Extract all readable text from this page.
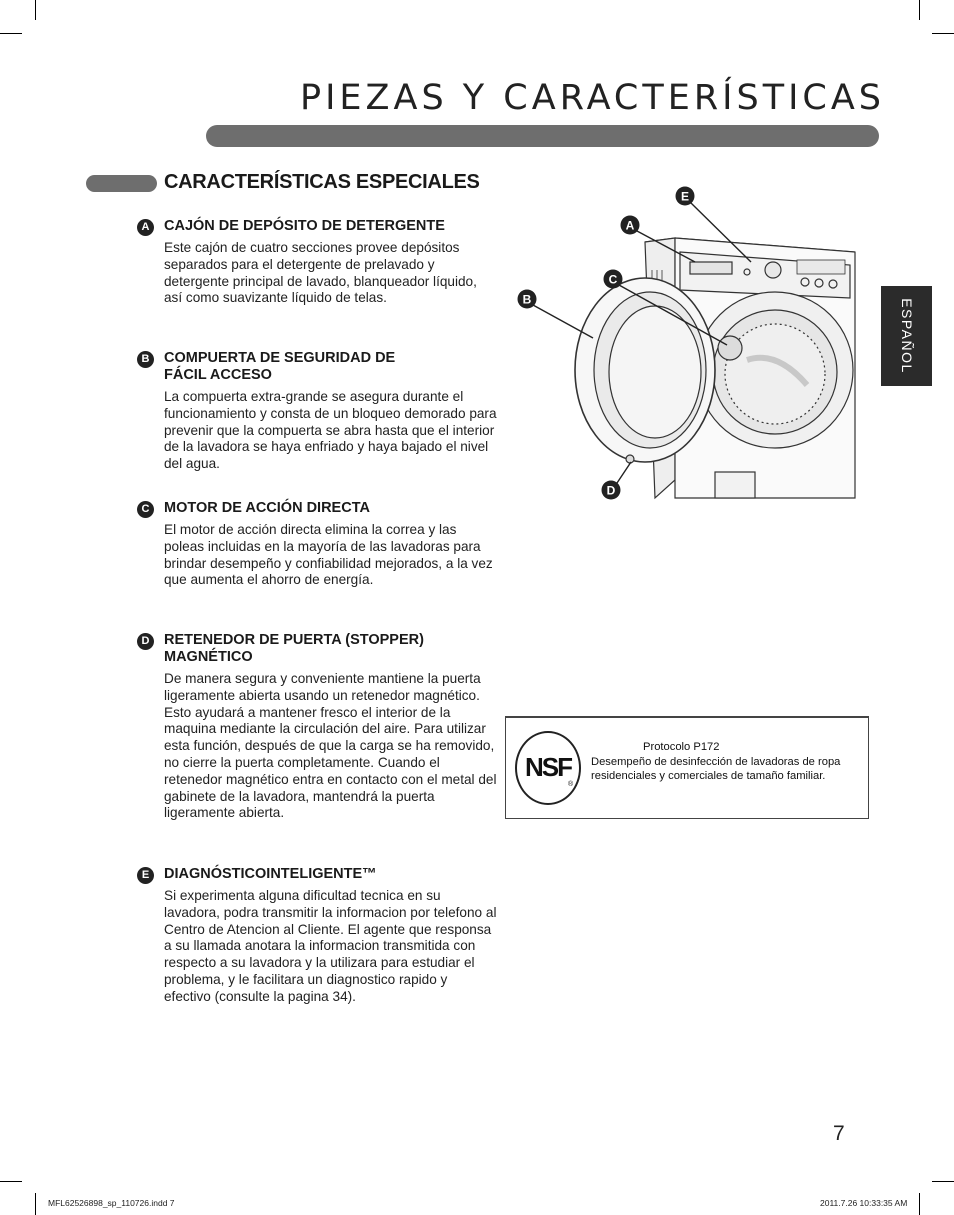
PIEZAS Y CARACTERÍSTICAS
CARACTERÍSTICAS ESPECIALES
A	CAJÓN DE DEPÓSITO DE DETERGENTE
Este cajón de cuatro secciones provee depósitos separados para el detergente de prelavado y detergente principal de lavado, blanqueador líquido, así como suavizante líquido de telas.
B	COMPUERTA DE SEGURIDAD DE FÁCIL ACCESO
La compuerta extra-grande se asegura durante el funcionamiento y consta de un bloqueo demorado para prevenir que la compuerta se abra hasta que el interior de la lavadora se haya enfriado y haya bajado el nivel del agua.
C	MOTOR DE ACCIÓN DIRECTA
El motor de acción directa elimina la correa y las poleas incluidas en la mayoría de las lavadoras para brindar desempeño y confiabilidad mejorados, a la vez que aumenta el ahorro de energía.
D	RETENEDOR DE PUERTA (STOPPER) MAGNÉTICO
De manera segura y conveniente mantiene la puerta ligeramente abierta usando un retenedor magnético. Esto ayudará a mantener fresco el interior de la maquina mediante la circulación del aire. Para utilizar esta función, después de que la carga se ha removido, no cierre la puerta completamente. Cuando el retenedor magnético entra en contacto con el metal del gabinete de la lavadora, mantendrá la puerta ligeramente abierta.
E	DIAGNÓSTICOINTELIGENTE™
Si experimenta alguna dificultad tecnica en su lavadora, podra transmitir la informacion por telefono al Centro de Atencion al Cliente. El agente que responsa a su llamada anotara la informacion transmitida con respecto a su lavadora y la utilizara para estudiar el problema, y le facilitara un diagnostico rapido y efectivo (consulte la pagina 34).
ESPAÑOL
E
A
C
B
D
NSF
®
Protocolo P172
Desempeño de desinfección de lavadoras de ropa residenciales y comerciales de tamaño familiar.
7
MFL62526898_sp_110726.indd 7	2011.7.26 10:33:35 AM
